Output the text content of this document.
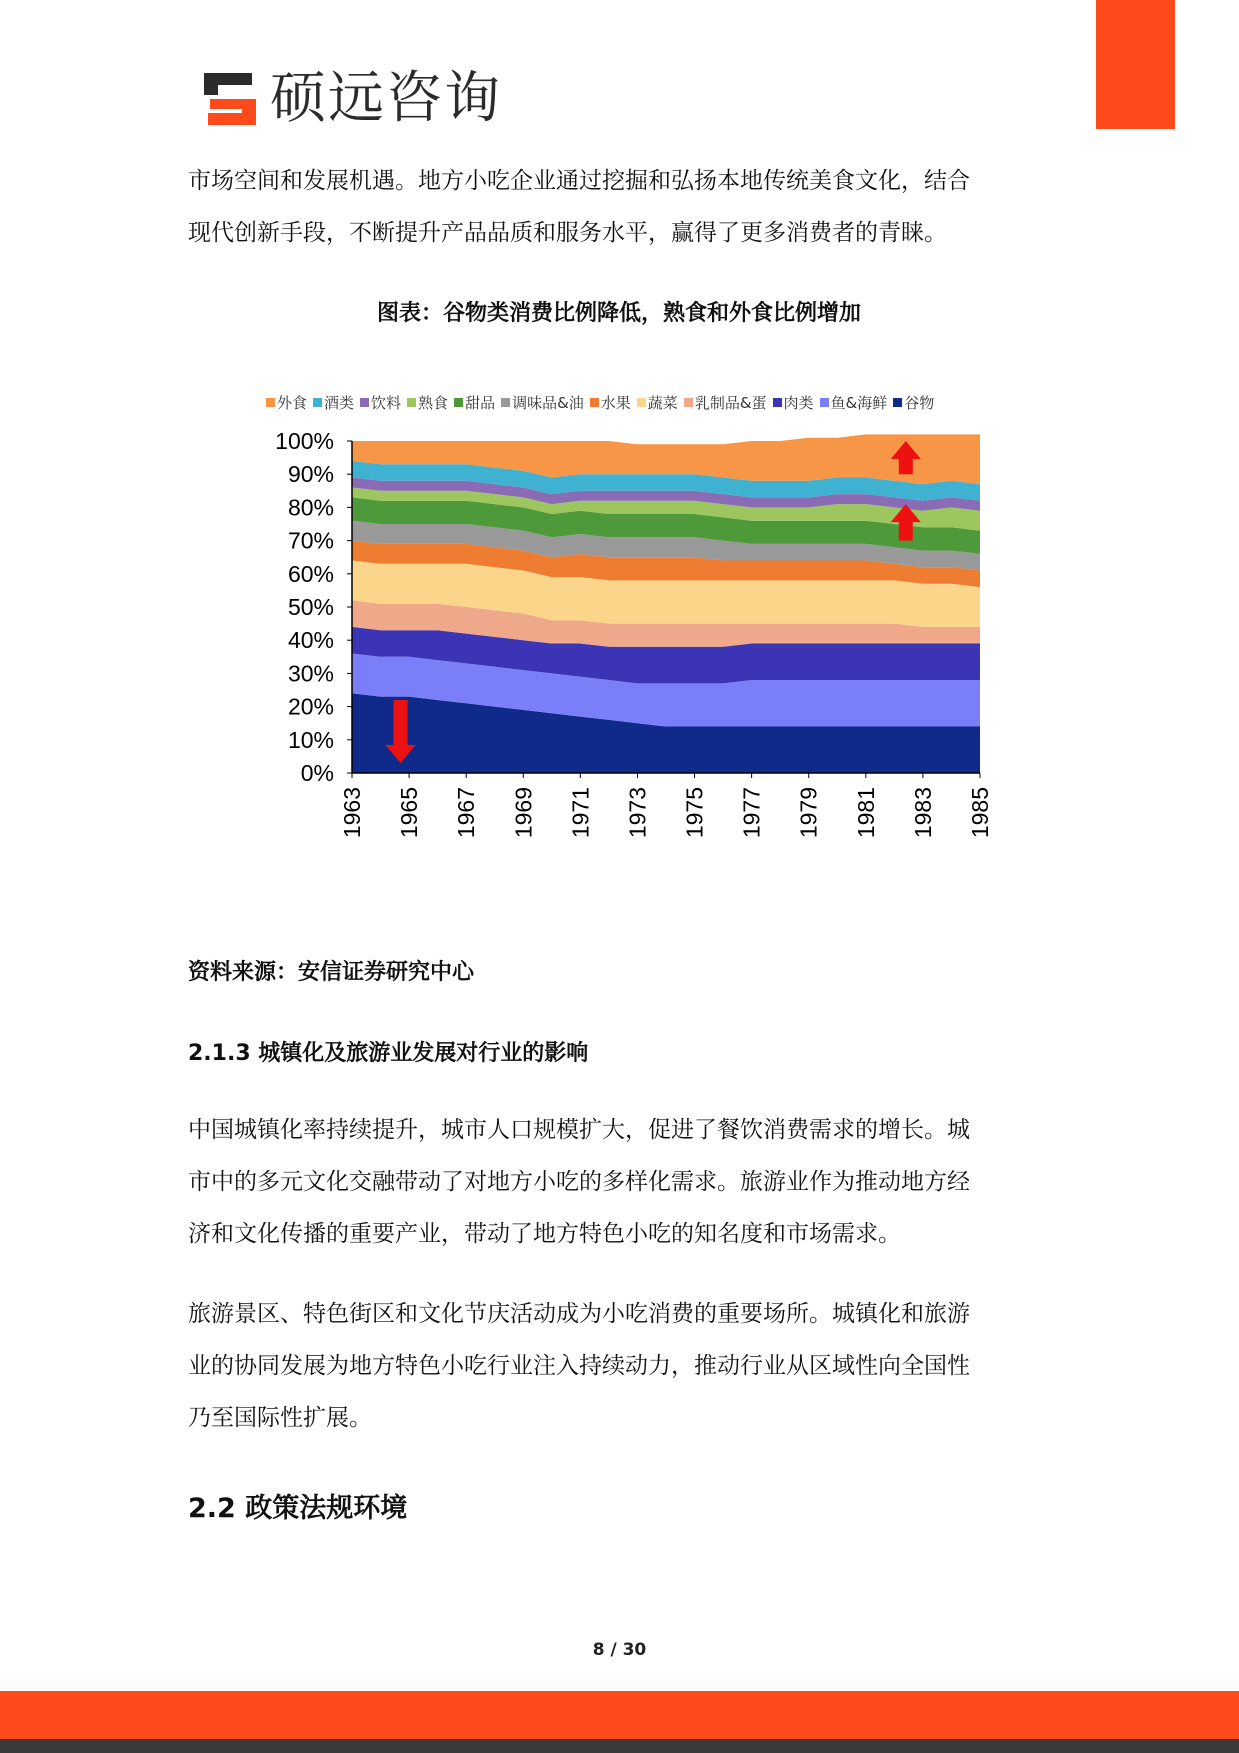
硕远咨询

市场空间和发展机遇。地方小吃企业通过挖掘和弘扬本地传统美食文化，结合
现代创新手段，不断提升产品品质和服务水平，赢得了更多消费者的青睐。

图表：谷物类消费比例降低，熟食和外食比例增加
外食 酒类 饮料 熟食 甜品 调味品&油 水果 蔬菜 乳制品&蛋 肉类 鱼&海鲜 谷物
0%
10%
20%
30%
40%
50%
60%
70%
80%
90%
100%
1963 1965 1967 1969 1971 1973 1975 1977 1979 1981 1983 1985
资料来源：安信证券研究中心
2.1.3 城镇化及旅游业发展对行业的影响

中国城镇化率持续提升，城市人口规模扩大，促进了餐饮消费需求的增长。城
市中的多元文化交融带动了对地方小吃的多样化需求。旅游业作为推动地方经
济和文化传播的重要产业，带动了地方特色小吃的知名度和市场需求。

旅游景区、特色街区和文化节庆活动成为小吃消费的重要场所。城镇化和旅游
业的协同发展为地方特色小吃行业注入持续动力，推动行业从区域性向全国性
乃至国际性扩展。

2.2 政策法规环境
8 / 30
